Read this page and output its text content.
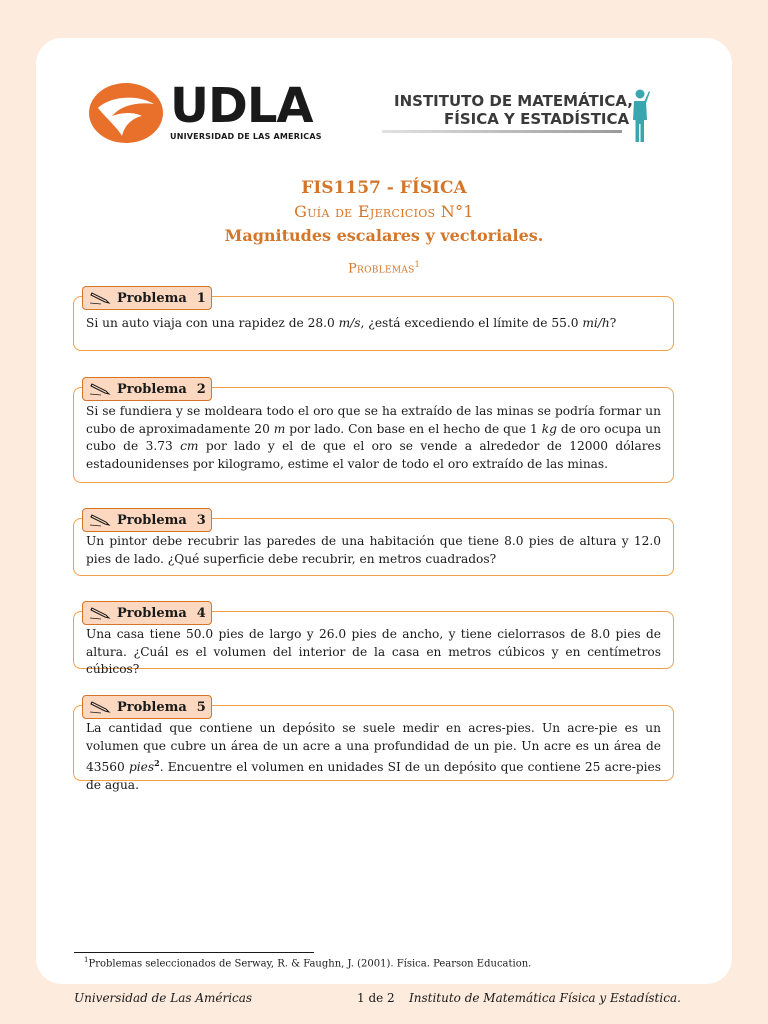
UDLA
UNIVERSIDAD DE LAS AMERICAS
INSTITUTO DE MATEMÁTICA,
FÍSICA Y ESTADÍSTICA
FIS1157 - FÍSICA
Guía de Ejercicios N°1
Magnitudes escalares y vectoriales.
Problemas$^1$
Si un auto viaja con una rapidez de 28.0 m/s, ¿está excediendo el límite de 55.0 mi/h?
Problema 1
Si se fundiera y se moldeara todo el oro que se ha extraído de las minas se podría formar un cubo de aproximadamente 20 m por lado. Con base en el hecho de que 1 kg de oro ocupa un cubo de 3.73 cm por lado y el de que el oro se vende a alrededor de 12000 dólares estadounidenses por kilogramo, estime el valor de todo el oro extraído de las minas.
Problema 2
Un pintor debe recubrir las paredes de una habitación que tiene 8.0 pies de altura y 12.0 pies de lado. ¿Qué superficie debe recubrir, en metros cuadrados?
Problema 3
Una casa tiene 50.0 pies de largo y 26.0 pies de ancho, y tiene cielorrasos de 8.0 pies de altura. ¿Cuál es el volumen del interior de la casa en metros cúbicos y en centímetros cúbicos?
Problema 4
La cantidad que contiene un depósito se suele medir en acres-pies. Un acre-pie es un volumen que cubre un área de un acre a una profundidad de un pie. Un acre es un área de 43560 pies$^2$. Encuentre el volumen en unidades SI de un depósito que contiene 25 acre-pies de agua.
Problema 5
$^1$Problemas seleccionados de Serway, R. & Faughn, J. (2001). Física. Pearson Education.
Universidad de Las Américas	1 de 2 Instituto de Matemática Física y Estadística.
